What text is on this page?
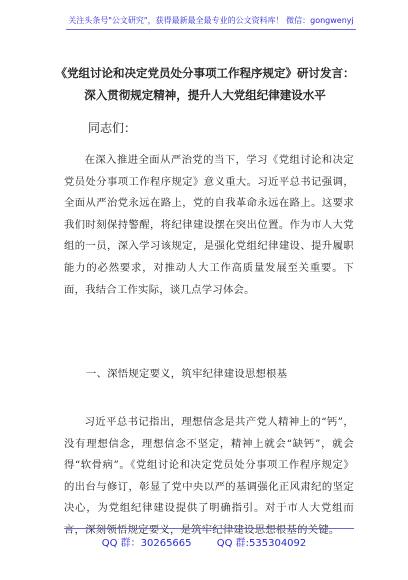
关注头条号"公文研究"，获得最新最全最专业的公文资料库！ 微信：gongwenyj
《党组讨论和决定党员处分事项工作程序规定》研讨发言：
深入贯彻规定精神，提升人大党组纪律建设水平
同志们：

在深入推进全面从严治党的当下，学习《党组讨论和决定党员处分事项工作程序规定》意义重大。习近平总书记强调，全面从严治党永远在路上，党的自我革命永远在路上。这要求我们时刻保持警醒，将纪律建设摆在突出位置。作为市人大党组的一员，深入学习该规定，是强化党组纪律建设、提升履职能力的必然要求，对推动人大工作高质量发展至关重要。下面，我结合工作实际，谈几点学习体会。

一、深悟规定要义，筑牢纪律建设思想根基

习近平总书记指出，理想信念是共产党人精神上的“钙”，没有理想信念，理想信念不坚定，精神上就会“缺钙”，就会得“软骨病”。《党组讨论和决定党员处分事项工作程序规定》的出台与修订，彰显了党中央以严的基调强化正风肃纪的坚定决心，为党组纪律建设提供了明确指引。对于市人大党组而言，深刻领悟规定要义，是筑牢纪律建设思想根基的关键。

QQ 群：30265665	QQ 群:535304092
